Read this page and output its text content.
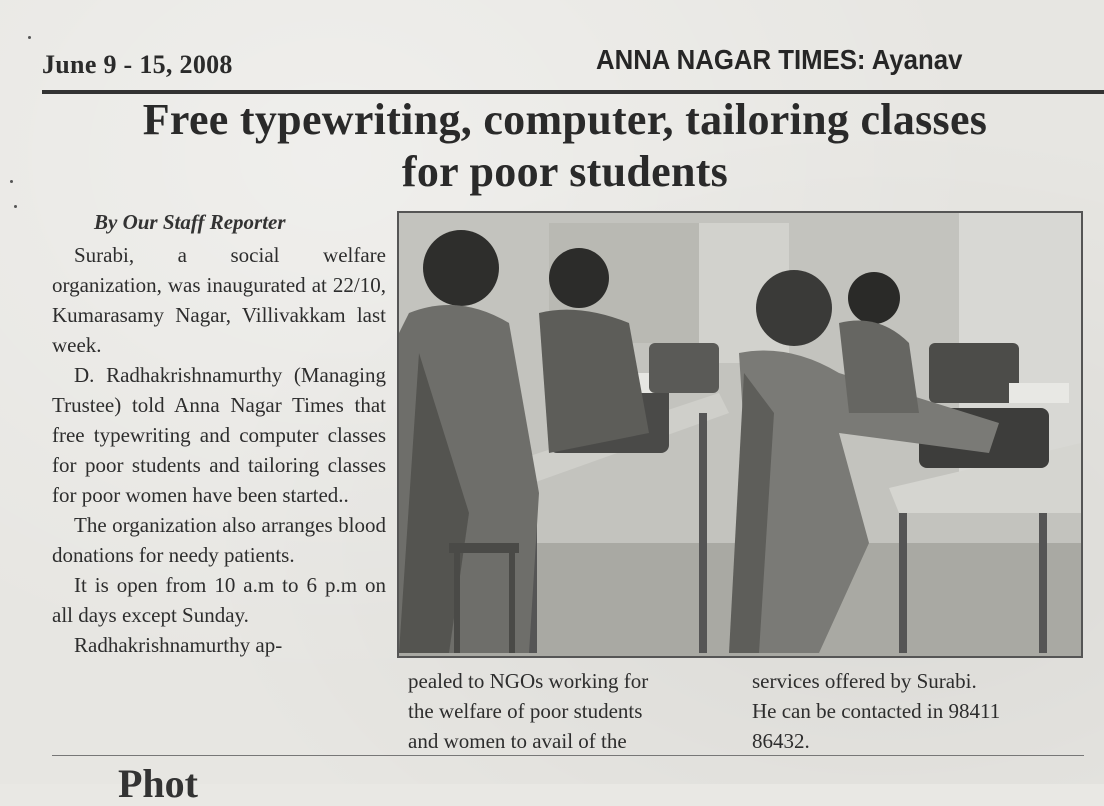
June 9 - 15, 2008	ANNA NAGAR TIMES: Ayanav
Free typewriting, computer, tailoring classes
for poor students
By Our Staff Reporter

Surabi, a social welfare organization, was inaugurated at 22/10, Kumarasamy Nagar, Villivakkam last week.

D. Radhakrishnamurthy (Managing Trustee) told Anna Nagar Times that free typewriting and computer classes for poor students and tailoring classes for poor women have been started..

The organization also arranges blood donations for needy patients.

It is open from 10 a.m to 6 p.m on all days except Sunday.

Radhakrishnamurthy ap-

pealed to NGOs working for
the welfare of poor students
and women to avail of the
services offered by Surabi.
He can be contacted in 98411
86432.
Phot
